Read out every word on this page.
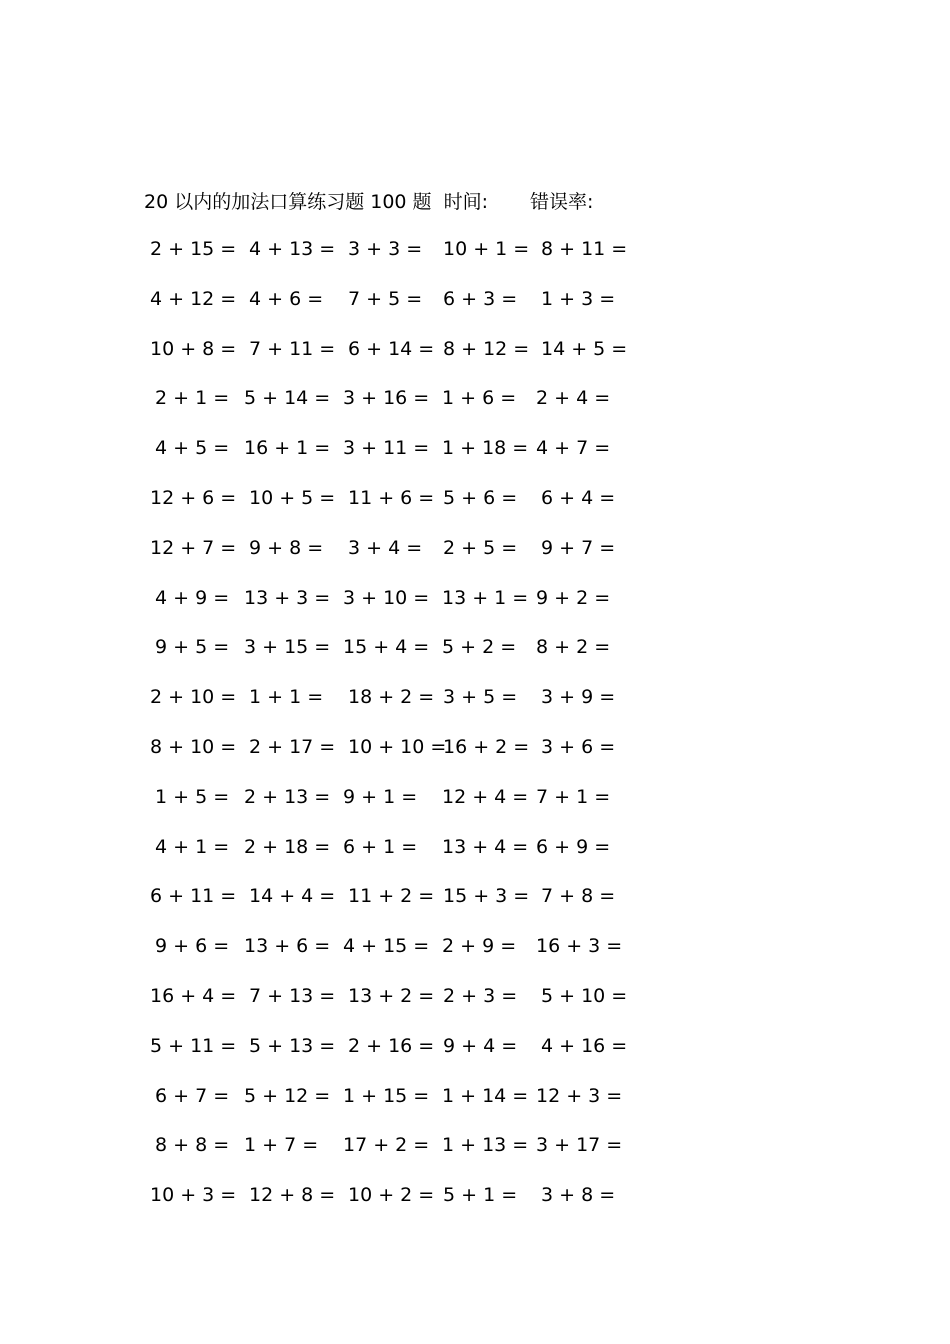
20 以内的加法口算练习题 100 题 时间: 错误率:
2 + 15 = 4 + 13 = 3 + 3 = 10 + 1 = 8 + 11 =
4 + 12 = 4 + 6 = 7 + 5 = 6 + 3 = 1 + 3 =
10 + 8 = 7 + 11 = 6 + 14 = 8 + 12 = 14 + 5 =
2 + 1 = 5 + 14 = 3 + 16 = 1 + 6 = 2 + 4 =
4 + 5 = 16 + 1 = 3 + 11 = 1 + 18 = 4 + 7 =
12 + 6 = 10 + 5 = 11 + 6 = 5 + 6 = 6 + 4 =
12 + 7 = 9 + 8 = 3 + 4 = 2 + 5 = 9 + 7 =
4 + 9 = 13 + 3 = 3 + 10 = 13 + 1 = 9 + 2 =
9 + 5 = 3 + 15 = 15 + 4 = 5 + 2 = 8 + 2 =
2 + 10 = 1 + 1 = 18 + 2 = 3 + 5 = 3 + 9 =
8 + 10 = 2 + 17 = 10 + 10 =
16 + 2 = 3 + 6 =
1 + 5 = 2 + 13 = 9 + 1 = 12 + 4 = 7 + 1 =
4 + 1 = 2 + 18 = 6 + 1 = 13 + 4 = 6 + 9 =
6 + 11 = 14 + 4 = 11 + 2 = 15 + 3 = 7 + 8 =
9 + 6 = 13 + 6 = 4 + 15 = 2 + 9 = 16 + 3 =
16 + 4 = 7 + 13 = 13 + 2 = 2 + 3 = 5 + 10 =
5 + 11 = 5 + 13 = 2 + 16 = 9 + 4 = 4 + 16 =
6 + 7 = 5 + 12 = 1 + 15 = 1 + 14 = 12 + 3 =
8 + 8 = 1 + 7 = 17 + 2 = 1 + 13 = 3 + 17 =
10 + 3 = 12 + 8 = 10 + 2 = 5 + 1 = 3 + 8 =
